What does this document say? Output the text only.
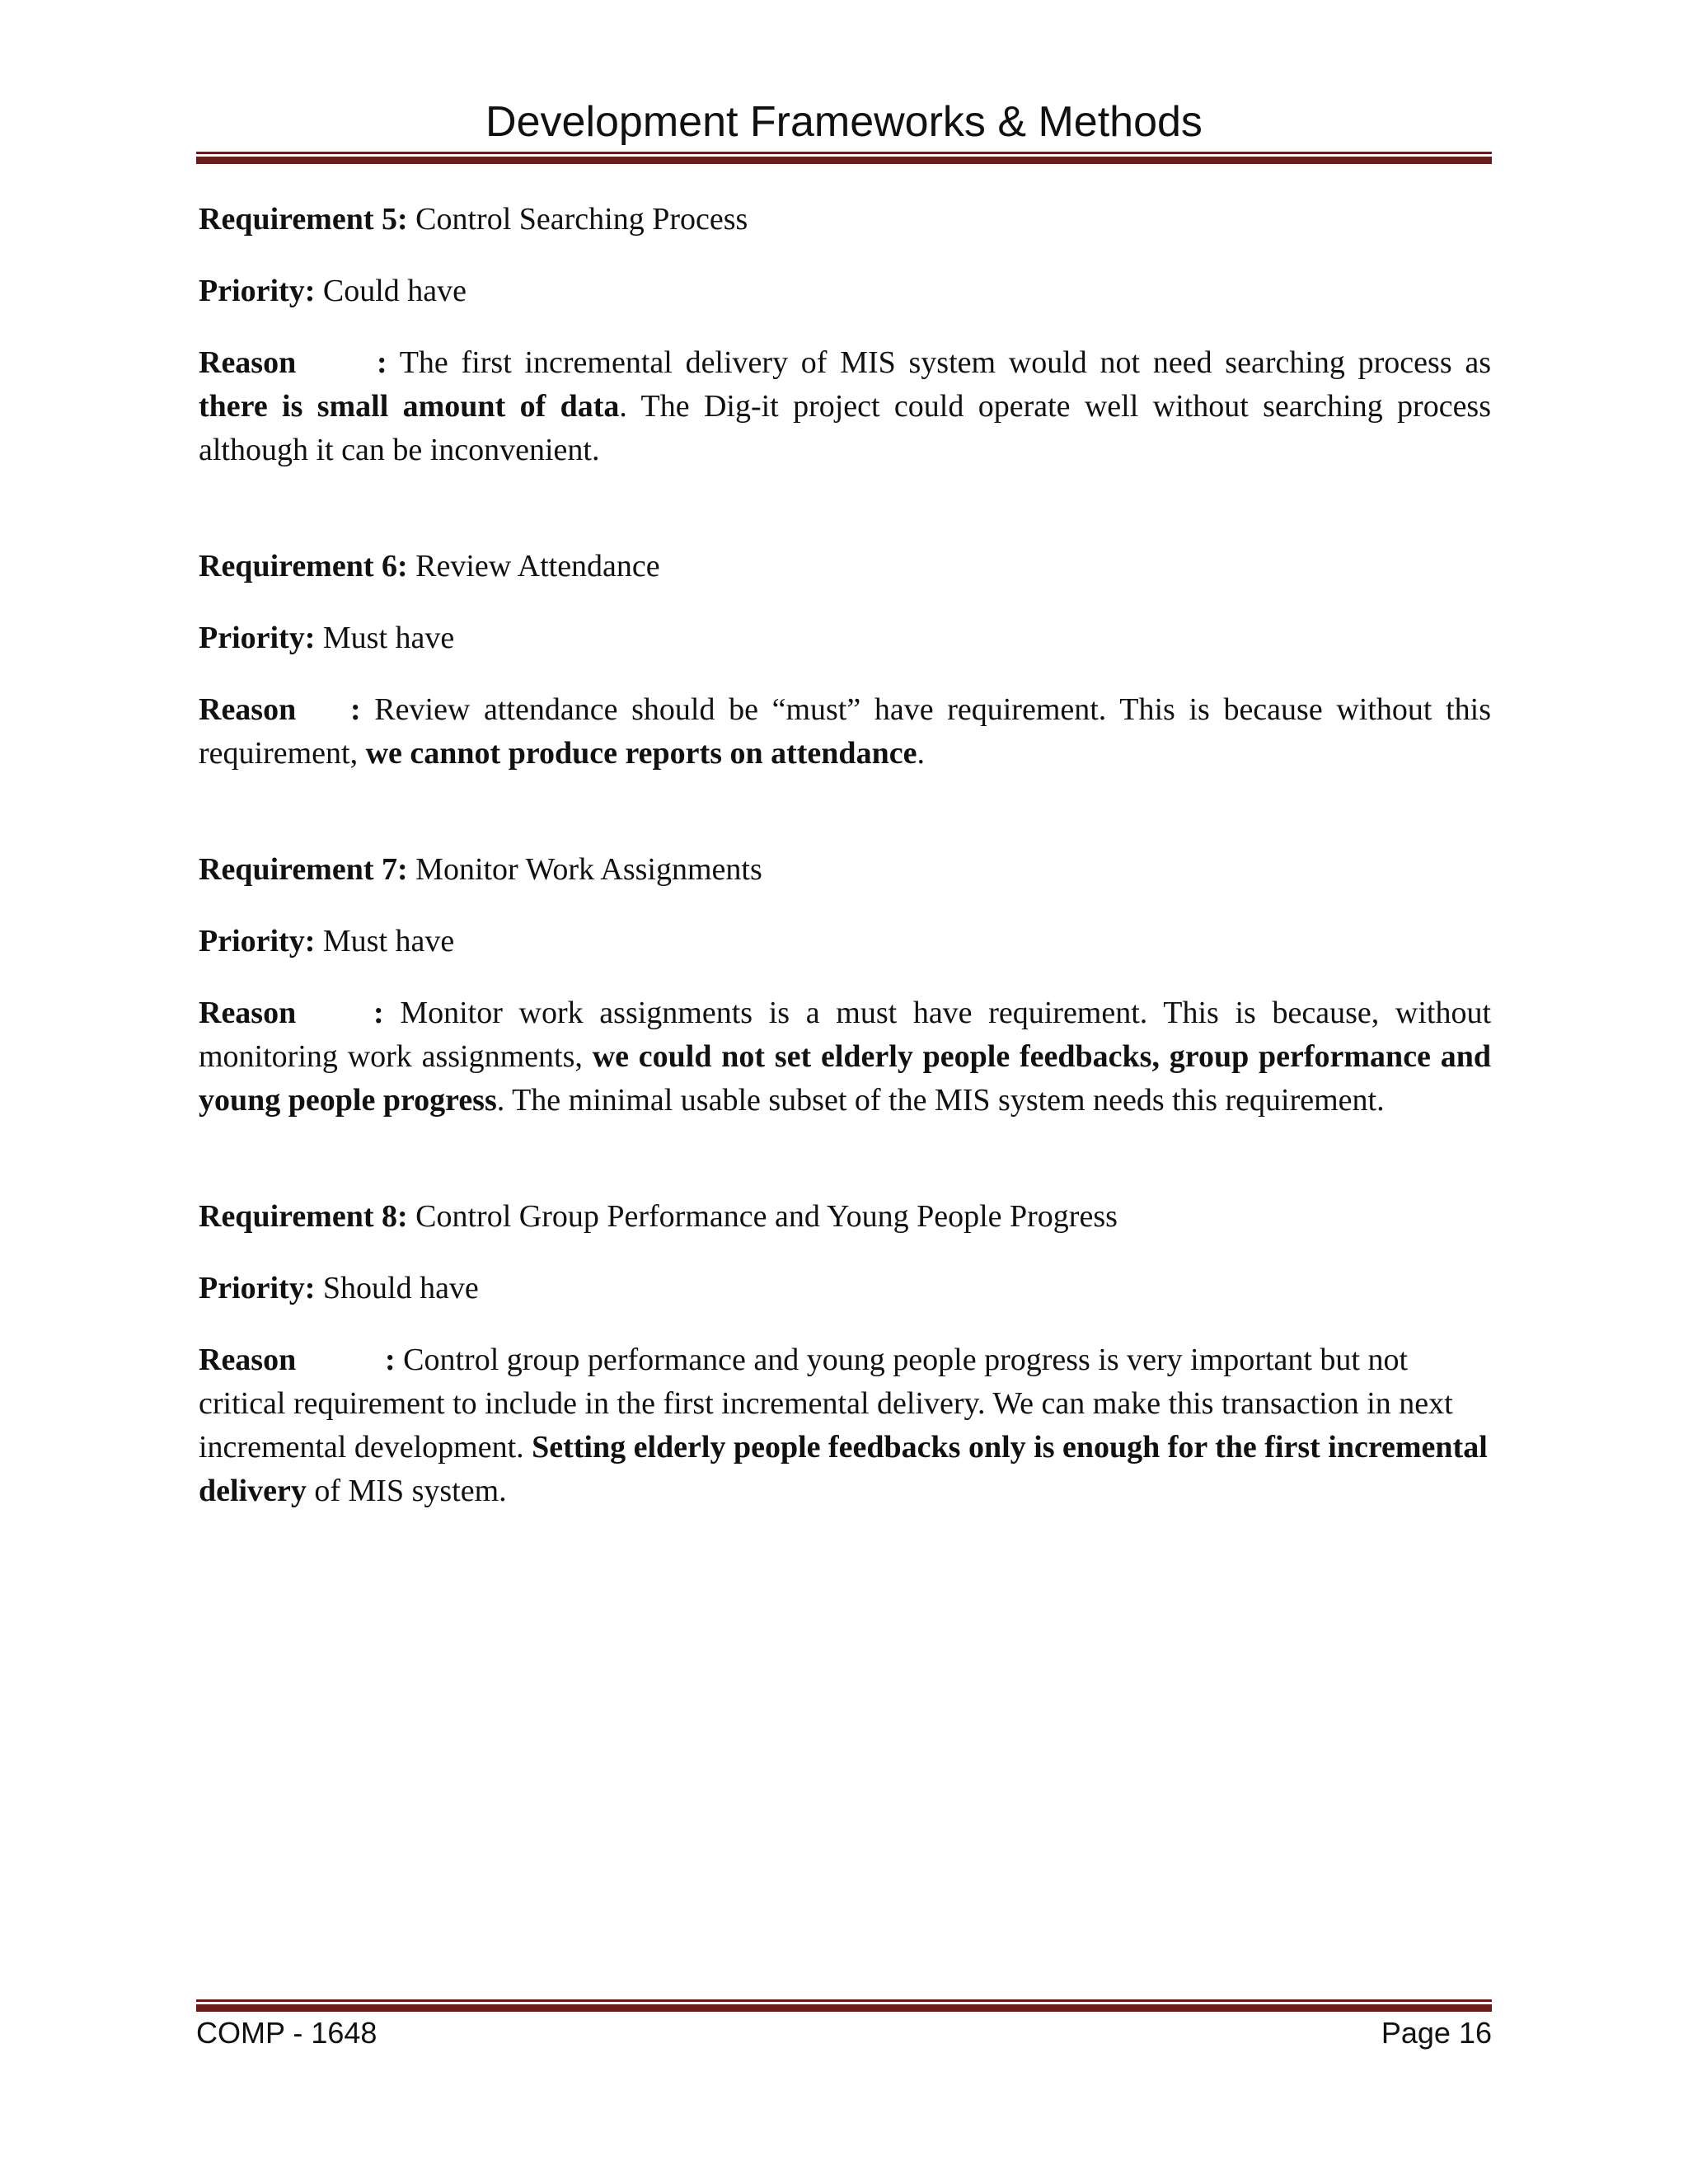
Development Frameworks & Methods

Requirement 5: Control Searching Process

Priority: Could have

Reason	: The first incremental delivery of MIS system would not need searching process as there is small amount of data. The Dig-it project could operate well without searching process although it can be inconvenient.

Requirement 6: Review Attendance

Priority: Must have

Reason : Review attendance should be “must” have requirement. This is because without this requirement, we cannot produce reports on attendance.

Requirement 7: Monitor Work Assignments

Priority: Must have

Reason : Monitor work assignments is a must have requirement. This is because, without monitoring work assignments, we could not set elderly people feedbacks, group performance and young people progress. The minimal usable subset of the MIS system needs this requirement.

Requirement 8: Control Group Performance and Young People Progress

Priority: Should have

Reason	: Control group performance and young people progress is very important but not critical requirement to include in the first incremental delivery. We can make this transaction in next incremental development. Setting elderly people feedbacks only is enough for the first incremental delivery of MIS system.

COMP - 1648	Page 16
